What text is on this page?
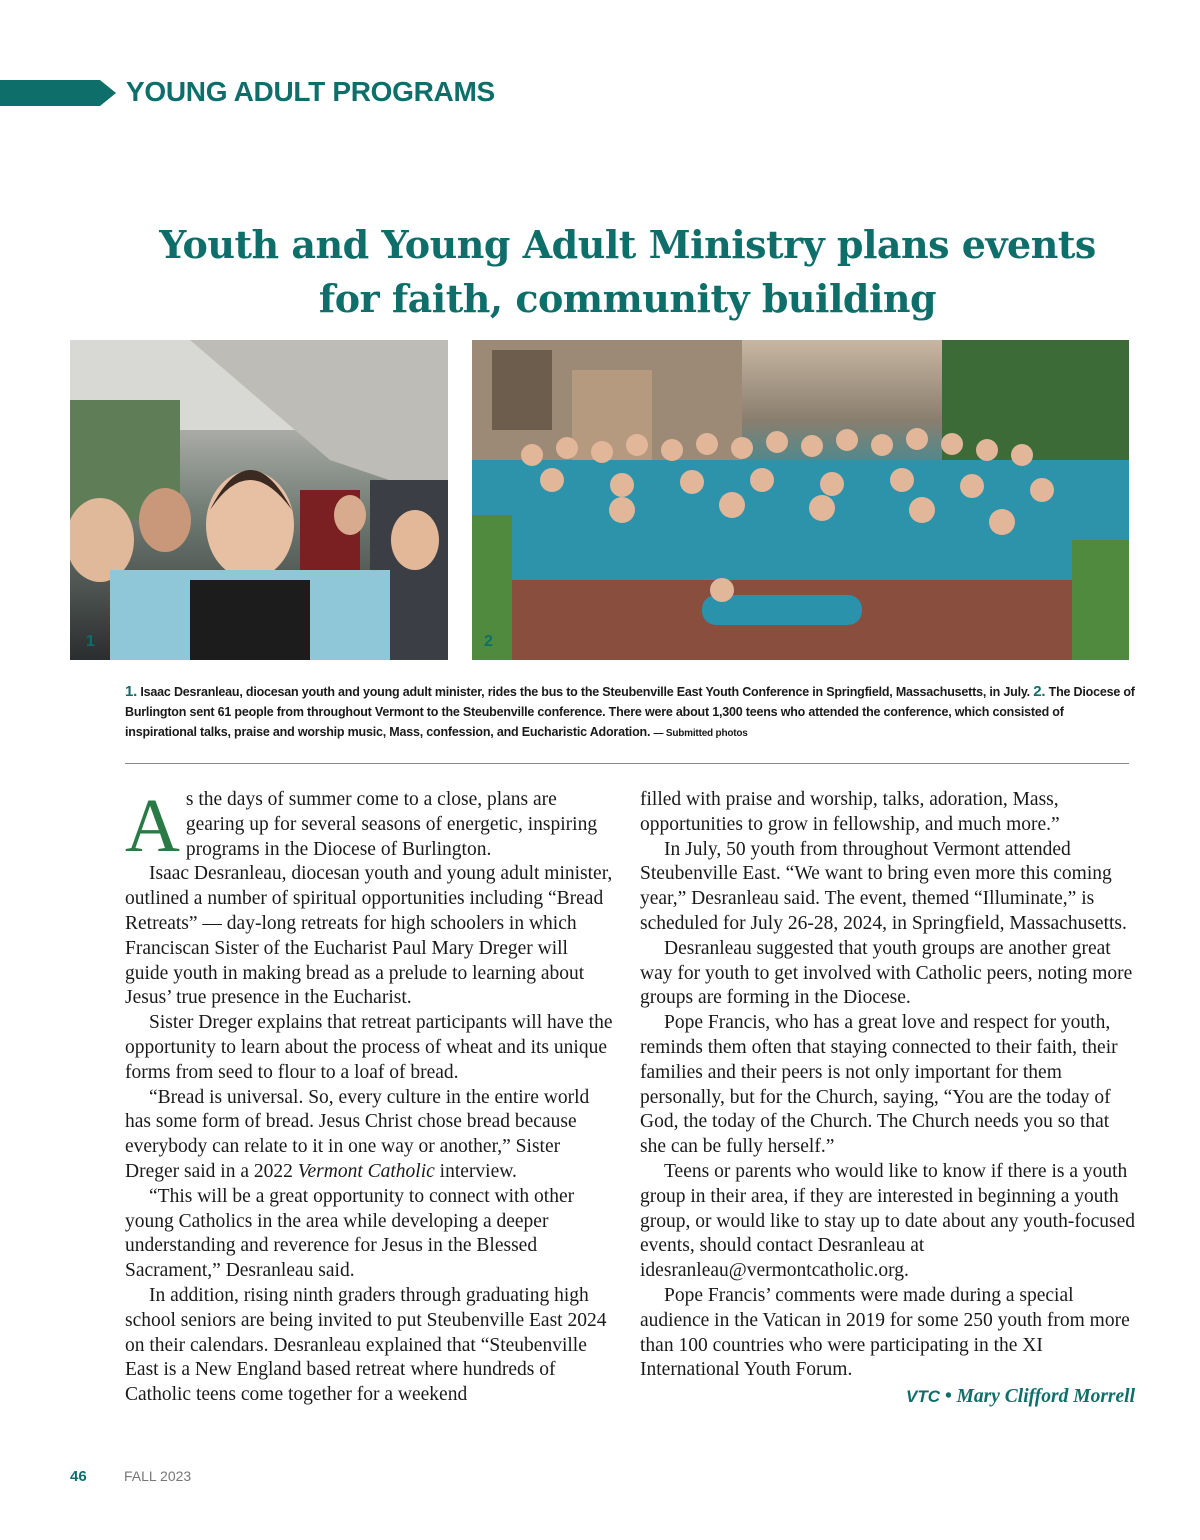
YOUNG ADULT PROGRAMS
Youth and Young Adult Ministry plans events
for faith, community building
1	2
1. Isaac Desranleau, diocesan youth and young adult minister, rides the bus to the Steubenville East Youth Conference in Springfield, Massachusetts, in July. 2. The Diocese of Burlington sent 61 people from throughout Vermont to the Steubenville conference. There were about 1,300 teens who attended the conference, which consisted of inspirational talks, praise and worship music, Mass, confession, and Eucharistic Adoration. — Submitted photos

As the days of summer come to a close, plans are gearing up for several seasons of energetic, inspiring programs in the Diocese of Burlington.

Isaac Desranleau, diocesan youth and young adult minister, outlined a number of spiritual opportunities including “Bread Retreats” — day-long retreats for high schoolers in which Franciscan Sister of the Eucharist Paul Mary Dreger will guide youth in making bread as a prelude to learning about Jesus’ true presence in the Eucharist.

Sister Dreger explains that retreat participants will have the opportunity to learn about the process of wheat and its unique forms from seed to flour to a loaf of bread.

“Bread is universal. So, every culture in the entire world has some form of bread. Jesus Christ chose bread because everybody can relate to it in one way or another,” Sister Dreger said in a 2022 Vermont Catholic interview.

“This will be a great opportunity to connect with other young Catholics in the area while developing a deeper understanding and reverence for Jesus in the Blessed Sacrament,” Desranleau said.

In addition, rising ninth graders through graduating high school seniors are being invited to put Steubenville East 2024 on their calendars. Desranleau explained that “Steubenville East is a New England based retreat where hundreds of Catholic teens come together for a weekend

filled with praise and worship, talks, adoration, Mass, opportunities to grow in fellowship, and much more.”

In July, 50 youth from throughout Vermont attended Steubenville East. “We want to bring even more this coming year,” Desranleau said. The event, themed “Illuminate,” is scheduled for July 26-28, 2024, in Springfield, Massachusetts.

Desranleau suggested that youth groups are another great way for youth to get involved with Catholic peers, noting more groups are forming in the Diocese.

Pope Francis, who has a great love and respect for youth, reminds them often that staying connected to their faith, their families and their peers is not only important for them personally, but for the Church, saying, “You are the today of God, the today of the Church. The Church needs you so that she can be fully herself.”

Teens or parents who would like to know if there is a youth group in their area, if they are interested in beginning a youth group, or would like to stay up to date about any youth-focused events, should contact Desranleau at idesranleau@vermontcatholic.org.

Pope Francis’ comments were made during a special audience in the Vatican in 2019 for some 250 youth from more than 100 countries who were participating in the XI International Youth Forum.

VTC • Mary Clifford Morrell
46	FALL 2023
